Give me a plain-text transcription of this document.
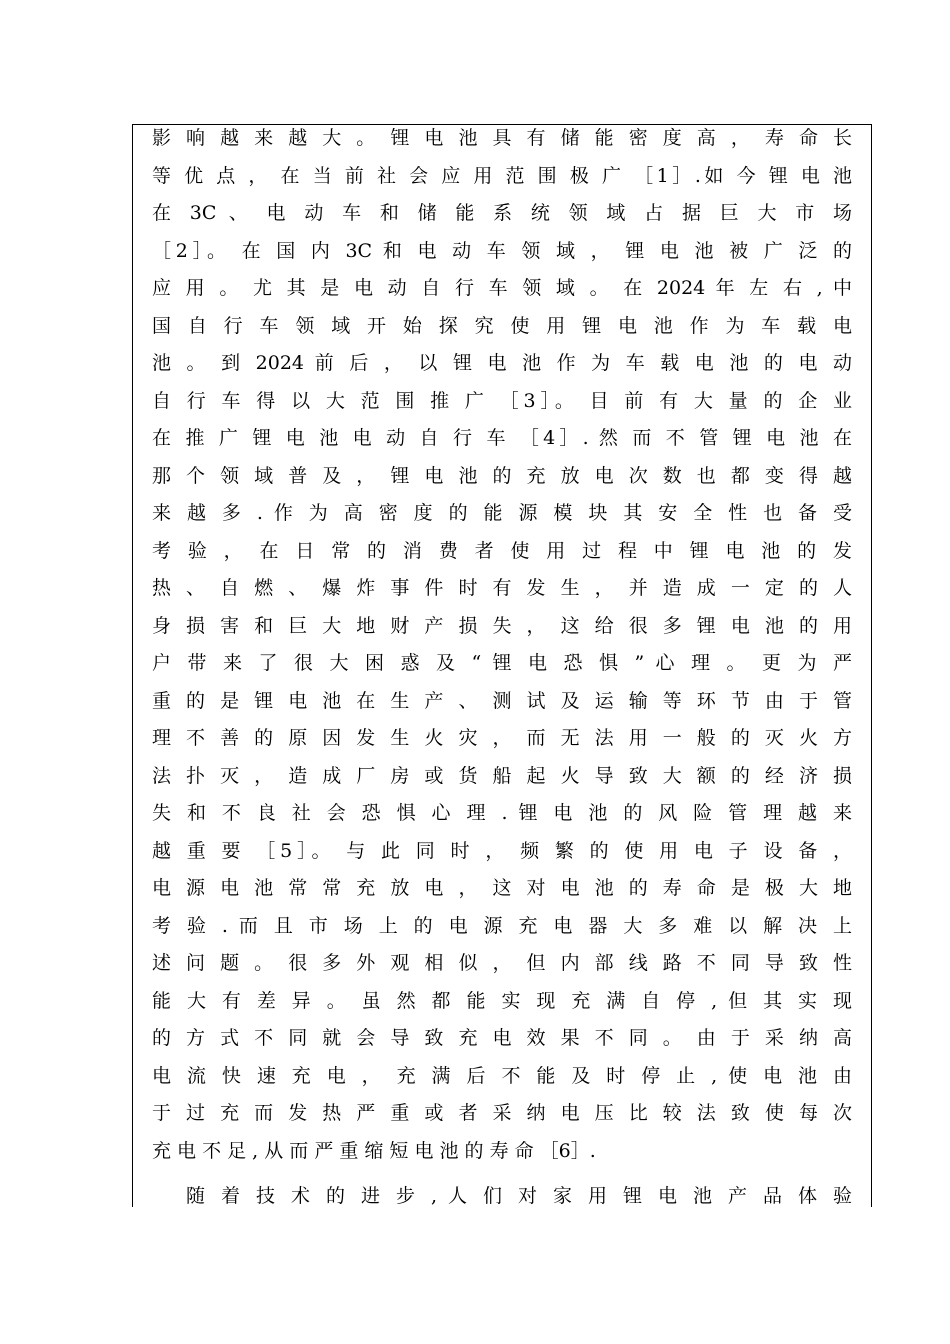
影 响 越 来 越 大 。 锂 电 池 具 有 储 能 密 度 高 ， 寿 命 长
等 优 点 ， 在 当 前 社 会 应 用 范 围 极 广 ［1］.如 今 锂 电 池
在 3C 、 电 动 车 和 储 能 系 统 领 域 占 据 巨 大 市 场
［2］。 在 国 内 3C 和 电 动 车 领 域 ， 锂 电 池 被 广 泛 的
应 用 。 尤 其 是 电 动 自 行 车 领 域 。 在 2024 年 左 右 , 中
国 自 行 车 领 域 开 始 探 究 使 用 锂 电 池 作 为 车 载 电
池 。 到 2024 前 后 ， 以 锂 电 池 作 为 车 载 电 池 的 电 动
自 行 车 得 以 大 范 围 推 广 ［3］。 目 前 有 大 量 的 企 业
在 推 广 锂 电 池 电 动 自 行 车 ［4］. 然 而 不 管 锂 电 池 在
那 个 领 域 普 及 ， 锂 电 池 的 充 放 电 次 数 也 都 变 得 越
来 越 多 . 作 为 高 密 度 的 能 源 模 块 其 安 全 性 也 备 受
考 验 ， 在 日 常 的 消 费 者 使 用 过 程 中 锂 电 池 的 发
热 、 自 燃 、 爆 炸 事 件 时 有 发 生 ， 并 造 成 一 定 的 人
身 损 害 和 巨 大 地 财 产 损 失 ， 这 给 很 多 锂 电 池 的 用
户 带 来 了 很 大 困 惑 及 “ 锂 电 恐 惧 ” 心 理 。 更 为 严
重 的 是 锂 电 池 在 生 产 、 测 试 及 运 输 等 环 节 由 于 管
理 不 善 的 原 因 发 生 火 灾 ， 而 无 法 用 一 般 的 灭 火 方
法 扑 灭 ， 造 成 厂 房 或 货 船 起 火 导 致 大 额 的 经 济 损
失 和 不 良 社 会 恐 惧 心 理 . 锂 电 池 的 风 险 管 理 越 来
越 重 要 ［5］。 与 此 同 时 ， 频 繁 的 使 用 电 子 设 备 ，
电 源 电 池 常 常 充 放 电 ， 这 对 电 池 的 寿 命 是 极 大 地
考 验 . 而 且 市 场 上 的 电 源 充 电 器 大 多 难 以 解 决 上
述 问 题 。 很 多 外 观 相 似 ， 但 内 部 线 路 不 同 导 致 性
能 大 有 差 异 。 虽 然 都 能 实 现 充 满 自 停 , 但 其 实 现
的 方 式 不 同 就 会 导 致 充 电 效 果 不 同 。 由 于 采 纳 高
电 流 快 速 充 电 ， 充 满 后 不 能 及 时 停 止 , 使 电 池 由
于 过 充 而 发 热 严 重 或 者 采 纳 电 压 比 较 法 致 使 每 次
充 电 不 足 , 从 而 严 重 缩 短 电 池 的 寿 命 ［6］.
随 着 技 术 的 进 步 , 人 们 对 家 用 锂 电 池 产 品 体 验
